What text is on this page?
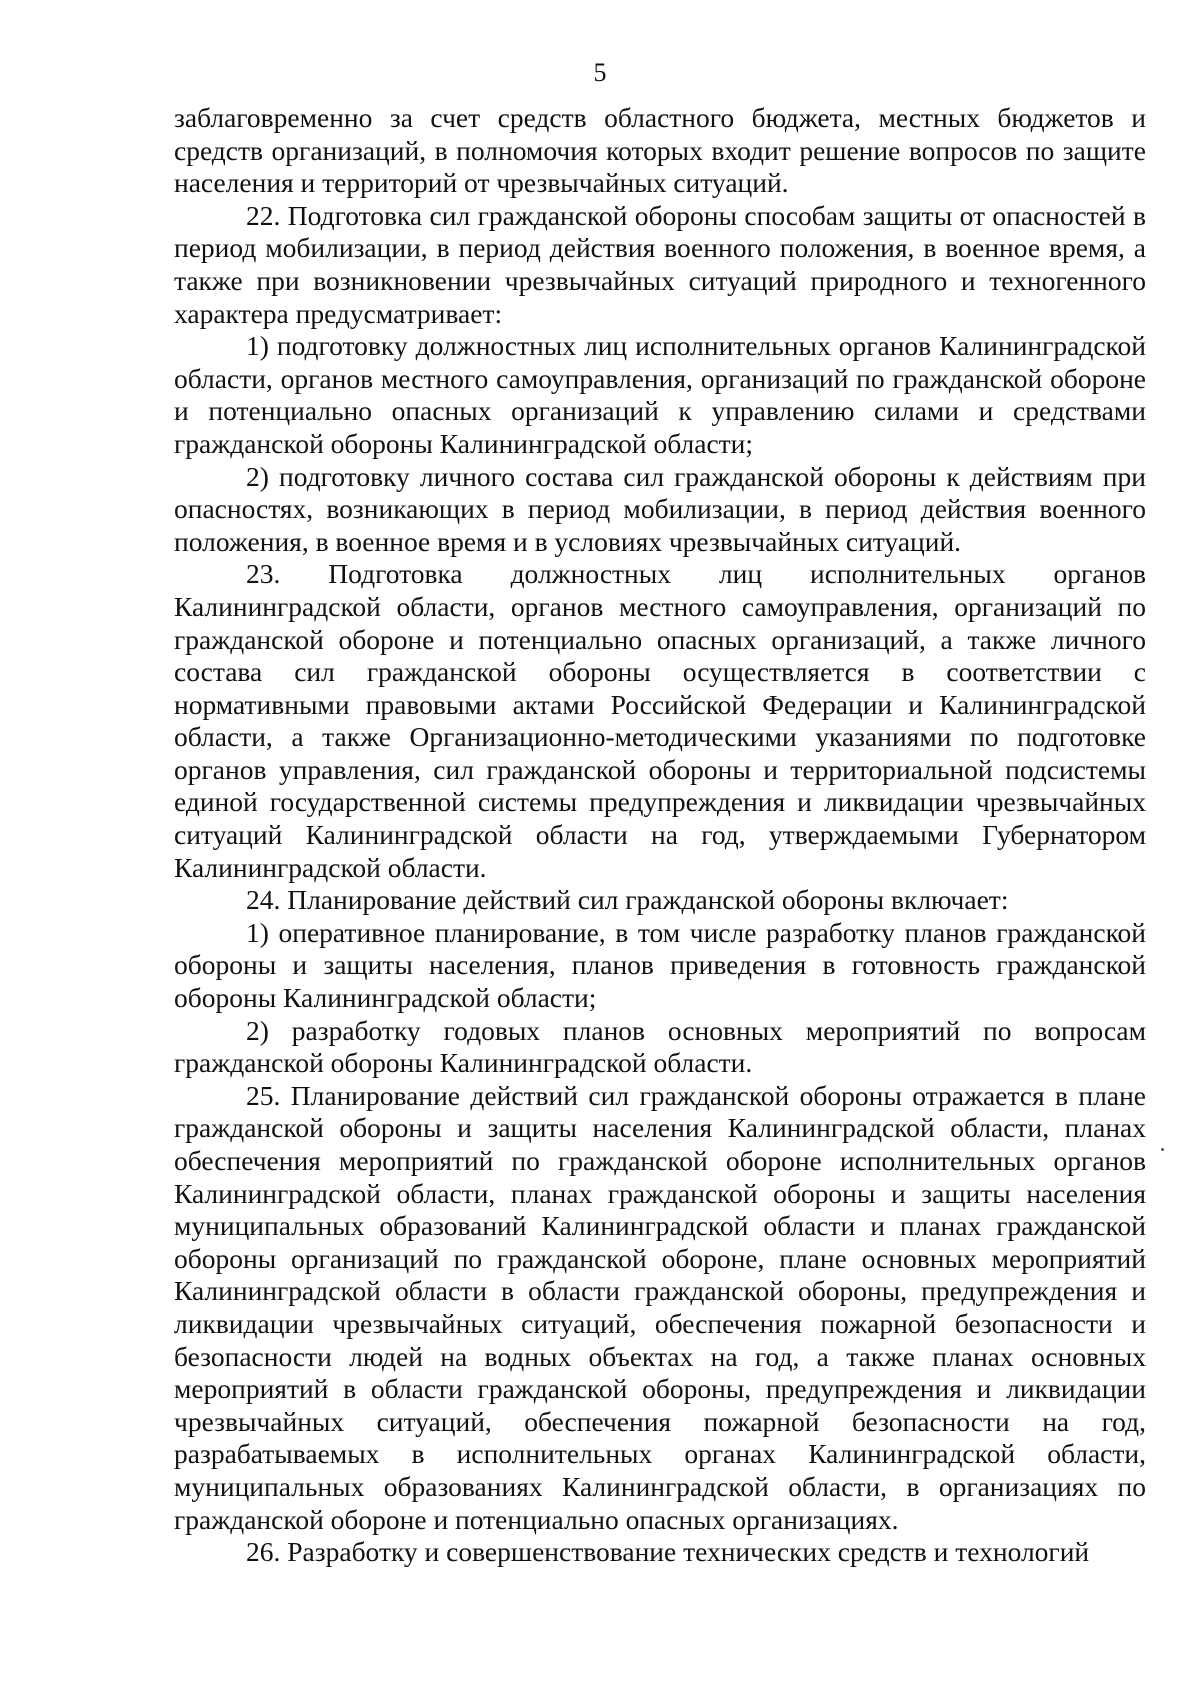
5

заблаговременно за счет средств областного бюджета, местных бюджетов и средств организаций, в полномочия которых входит решение вопросов по защите населения и территорий от чрезвычайных ситуаций.

22. Подготовка сил гражданской обороны способам защиты от опасностей в период мобилизации, в период действия военного положения, в военное время, а также при возникновении чрезвычайных ситуаций природного и техногенного характера предусматривает:

1) подготовку должностных лиц исполнительных органов Калининградской области, органов местного самоуправления, организаций по гражданской обороне и потенциально опасных организаций к управлению силами и средствами гражданской обороны Калининградской области;

2) подготовку личного состава сил гражданской обороны к действиям при опасностях, возникающих в период мобилизации, в период действия военного положения, в военное время и в условиях чрезвычайных ситуаций.

23. Подготовка должностных лиц исполнительных органов Калининградской области, органов местного самоуправления, организаций по гражданской обороне и потенциально опасных организаций, а также личного состава сил гражданской обороны осуществляется в соответствии с нормативными правовыми актами Российской Федерации и Калининградской области, а также Организационно-методическими указаниями по подготовке органов управления, сил гражданской обороны и территориальной подсистемы единой государственной системы предупреждения и ликвидации чрезвычайных ситуаций Калининградской области на год, утверждаемыми Губернатором Калининградской области.

24. Планирование действий сил гражданской обороны включает:

1) оперативное планирование, в том числе разработку планов гражданской обороны и защиты населения, планов приведения в готовность гражданской обороны Калининградской области;

2) разработку годовых планов основных мероприятий по вопросам гражданской обороны Калининградской области.

25. Планирование действий сил гражданской обороны отражается в плане гражданской обороны и защиты населения Калининградской области, планах обеспечения мероприятий по гражданской обороне исполнительных органов Калининградской области, планах гражданской обороны и защиты населения муниципальных образований Калининградской области и планах гражданской обороны организаций по гражданской обороне, плане основных мероприятий Калининградской области в области гражданской обороны, предупреждения и ликвидации чрезвычайных ситуаций, обеспечения пожарной безопасности и безопасности людей на водных объектах на год, а также планах основных мероприятий в области гражданской обороны, предупреждения и ликвидации чрезвычайных ситуаций, обеспечения пожарной безопасности на год, разрабатываемых в исполнительных органах Калининградской области, муниципальных образованиях Калининградской области, в организациях по гражданской обороне и потенциально опасных организациях.

26. Разработку и совершенствование технических средств и технологий
